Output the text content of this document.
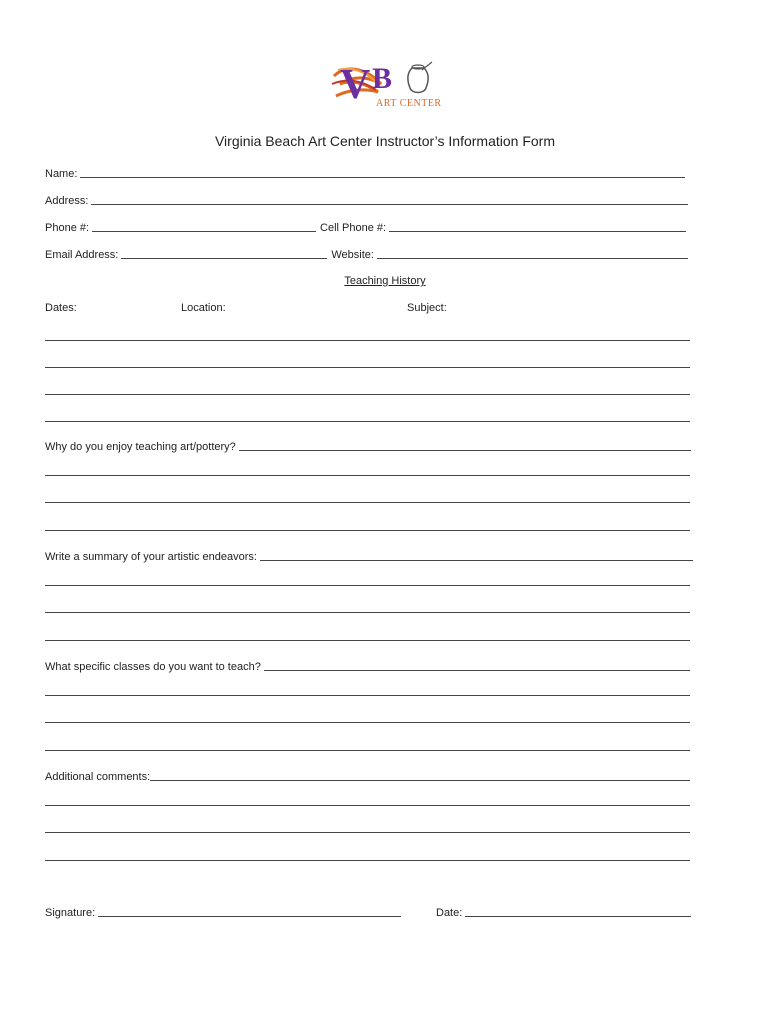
V B
ART CENTER
Virginia Beach Art Center Instructor’s Information Form
Name:
Address:
Phone #:	Cell Phone #:
Email Address:	Website:
Teaching History
Dates:	Location:	Subject:
Why do you enjoy teaching art/pottery?
Write a summary of your artistic endeavors:
What specific classes do you want to teach?
Additional comments:
Signature:	Date:
